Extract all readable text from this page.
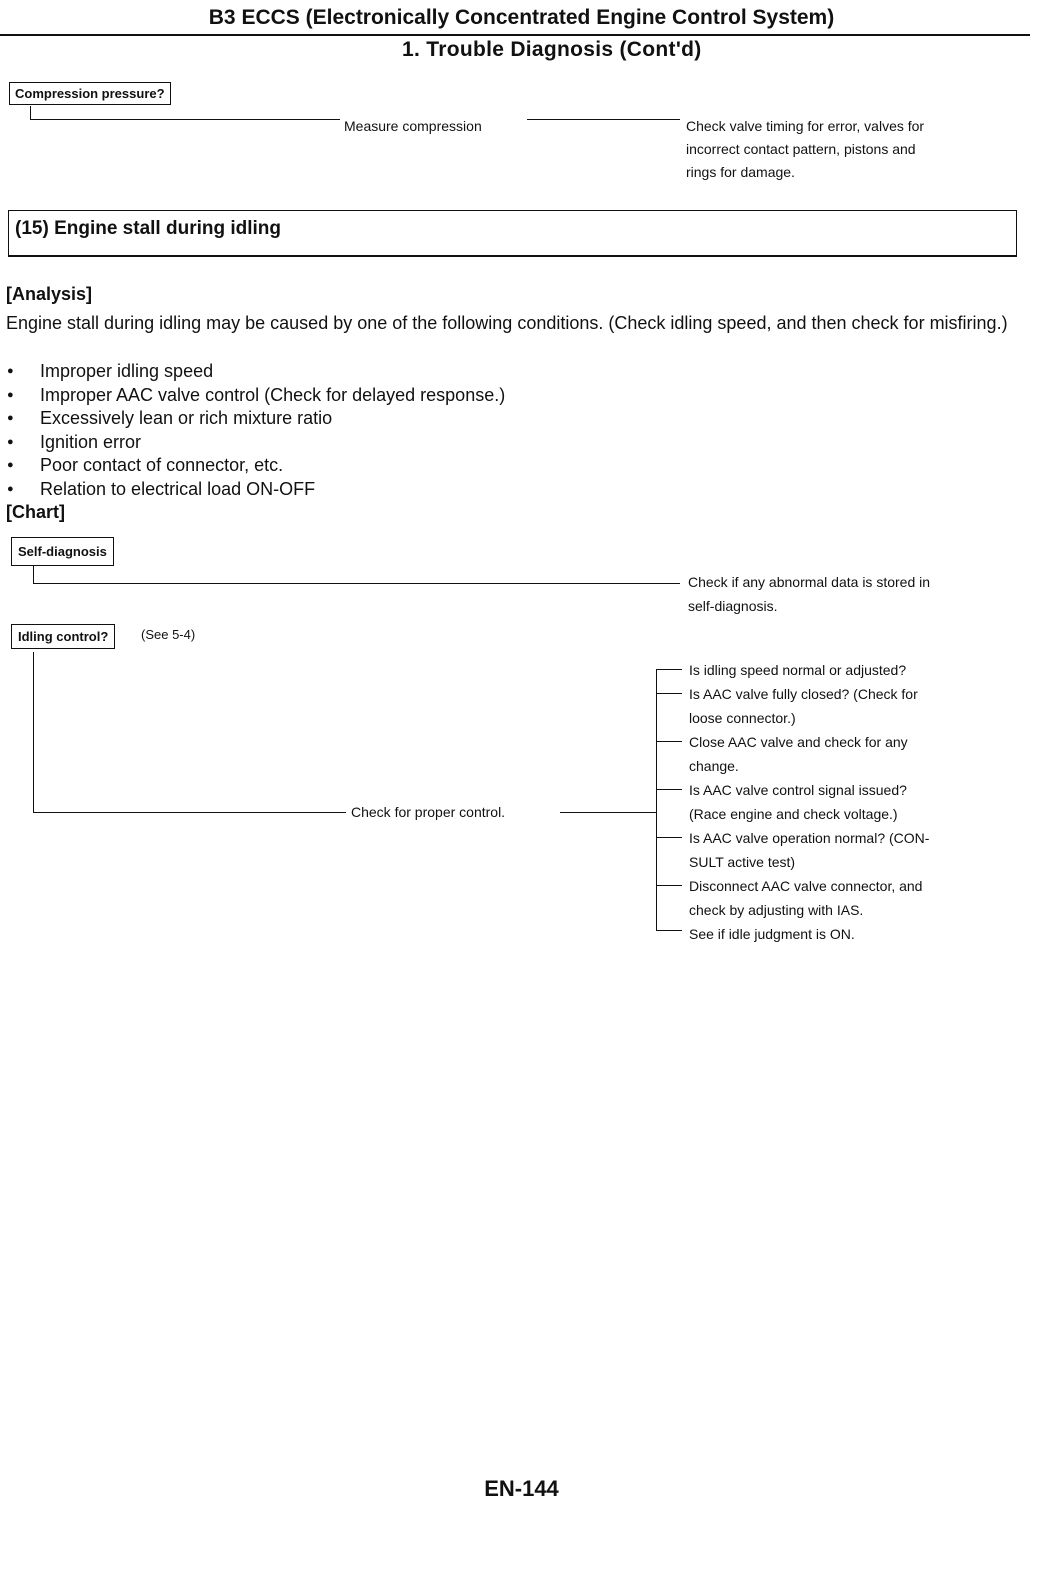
B3 ECCS (Electronically Concentrated Engine Control System)
1. Trouble Diagnosis (Cont'd)
Compression pressure?
Measure compression	Check valve timing for error, valves for
incorrect contact pattern, pistons and
rings for damage.
(15) Engine stall during idling
[Analysis]
Engine stall during idling may be caused by one of the following conditions. (Check idling speed, and then check for misfiring.)
● Improper idling speed
● Improper AAC valve control (Check for delayed response.)
● Excessively lean or rich mixture ratio
● Ignition error
● Poor contact of connector, etc.
● Relation to electrical load ON-OFF
[Chart]
Self-diagnosis
Check if any abnormal data is stored in
self-diagnosis.
Idling control?	(See 5-4)
Check for proper control.
Is idling speed normal or adjusted?
Is AAC valve fully closed? (Check for
loose connector.)
Close AAC valve and check for any
change.
Is AAC valve control signal issued?
(Race engine and check voltage.)
Is AAC valve operation normal? (CON-
SULT active test)
Disconnect AAC valve connector, and
check by adjusting with IAS.
See if idle judgment is ON.
EN-144
